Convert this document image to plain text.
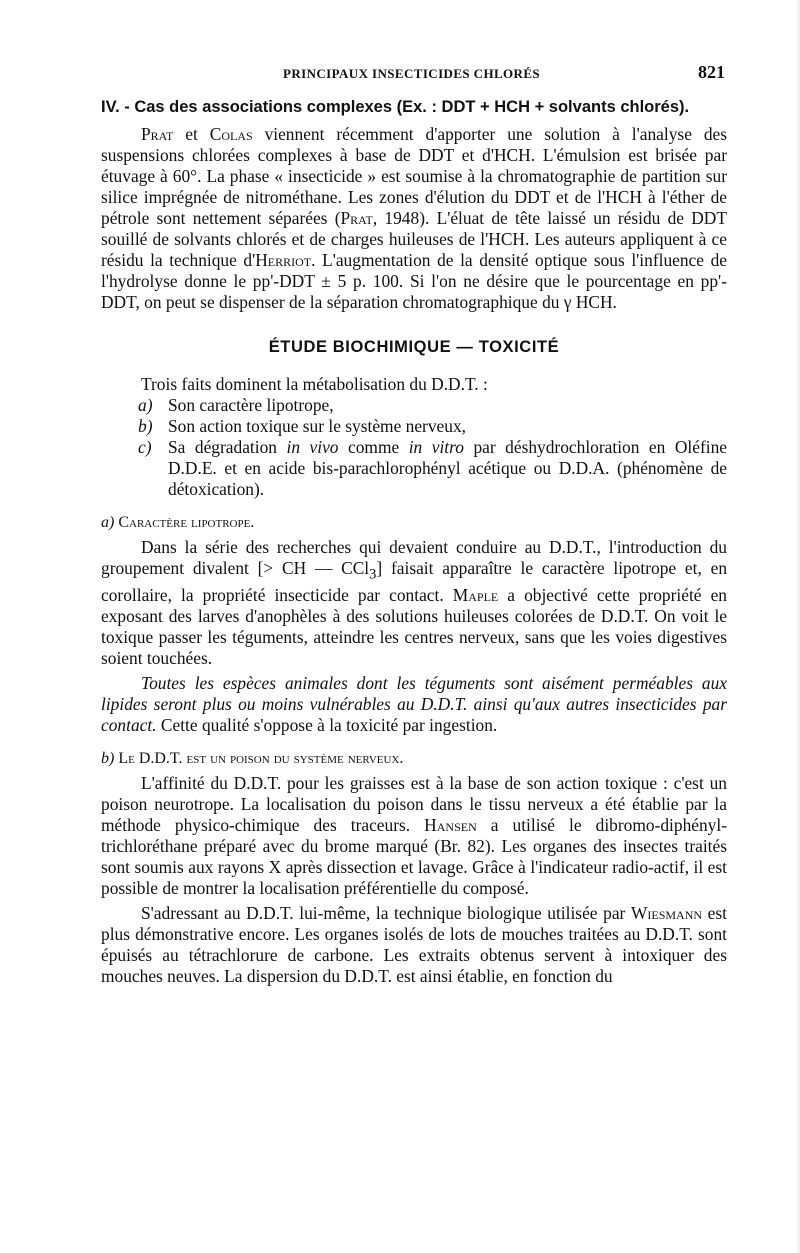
PRINCIPAUX INSECTICIDES CHLORÉS	821

IV. - Cas des associations complexes (Ex. : DDT + HCH + solvants chlorés).

Prat et Colas viennent récemment d'apporter une solution à l'analyse des suspensions chlorées complexes à base de DDT et d'HCH. L'émulsion est brisée par étuvage à 60°. La phase « insecticide » est soumise à la chromatographie de partition sur silice imprégnée de nitrométhane. Les zones d'élution du DDT et de l'HCH à l'éther de pétrole sont nettement séparées (Prat, 1948). L'éluat de tête laissé un résidu de DDT souillé de solvants chlorés et de charges huileuses de l'HCH. Les auteurs appliquent à ce résidu la technique d'Herriot. L'augmentation de la densité optique sous l'influence de l'hydrolyse donne le pp'-DDT ± 5 p. 100. Si l'on ne désire que le pourcentage en pp'-DDT, on peut se dispenser de la séparation chromatographique du γ HCH.

ÉTUDE BIOCHIMIQUE — TOXICITÉ

Trois faits dominent la métabolisation du D.D.T. :

a) Son caractère lipotrope,
b) Son action toxique sur le système nerveux,
c) Sa dégradation in vivo comme in vitro par déshydrochloration en Oléfine D.D.E. et en acide bis-parachlorophényl acétique ou D.D.A. (phénomène de détoxication).

a) Caractère lipotrope.

Dans la série des recherches qui devaient conduire au D.D.T., l'introduction du groupement divalent [> CH — CCl$_3$] faisait apparaître le caractère lipotrope et, en corollaire, la propriété insecticide par contact. Maple a objectivé cette propriété en exposant des larves d'anophèles à des solutions huileuses colorées de D.D.T. On voit le toxique passer les téguments, atteindre les centres nerveux, sans que les voies digestives soient touchées.

Toutes les espèces animales dont les téguments sont aisément perméables aux lipides seront plus ou moins vulnérables au D.D.T. ainsi qu'aux autres insecticides par contact. Cette qualité s'oppose à la toxicité par ingestion.

b) Le D.D.T. est un poison du système nerveux.

L'affinité du D.D.T. pour les graisses est à la base de son action toxique : c'est un poison neurotrope. La localisation du poison dans le tissu nerveux a été établie par la méthode physico-chimique des traceurs. Hansen a utilisé le dibromo-diphényl-trichloréthane préparé avec du brome marqué (Br. 82). Les organes des insectes traités sont soumis aux rayons X après dissection et lavage. Grâce à l'indicateur radio-actif, il est possible de montrer la localisation préférentielle du composé.

S'adressant au D.D.T. lui-même, la technique biologique utilisée par Wiesmann est plus démonstrative encore. Les organes isolés de lots de mouches traitées au D.D.T. sont épuisés au tétrachlorure de carbone. Les extraits obtenus servent à intoxiquer des mouches neuves. La dispersion du D.D.T. est ainsi établie, en fonction du
